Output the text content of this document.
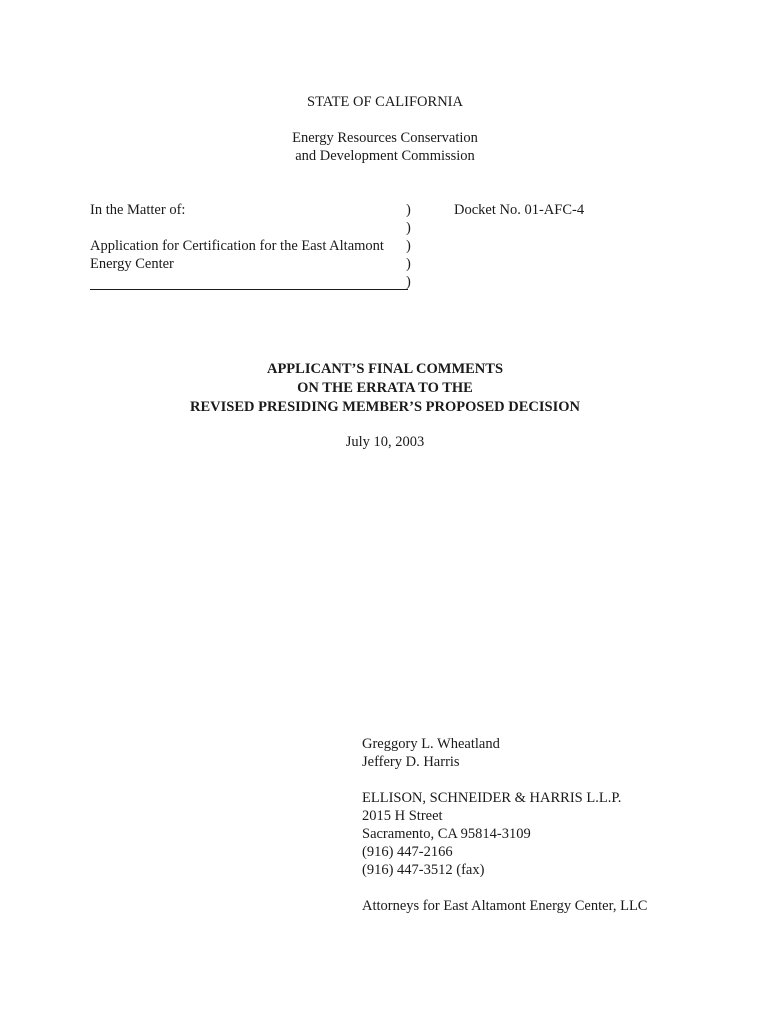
STATE OF CALIFORNIA
Energy Resources Conservation
and Development Commission
In the Matter of:
Application for Certification for the East Altamont
Energy Center
)
)
)
)
)
Docket No. 01-AFC-4
APPLICANT’S FINAL COMMENTS
ON THE ERRATA TO THE
REVISED PRESIDING MEMBER’S PROPOSED DECISION
July 10, 2003
Greggory L. Wheatland
Jeffery D. Harris
ELLISON, SCHNEIDER & HARRIS L.L.P.
2015 H Street
Sacramento, CA 95814-3109
(916) 447-2166
(916) 447-3512 (fax)
Attorneys for East Altamont Energy Center, LLC
